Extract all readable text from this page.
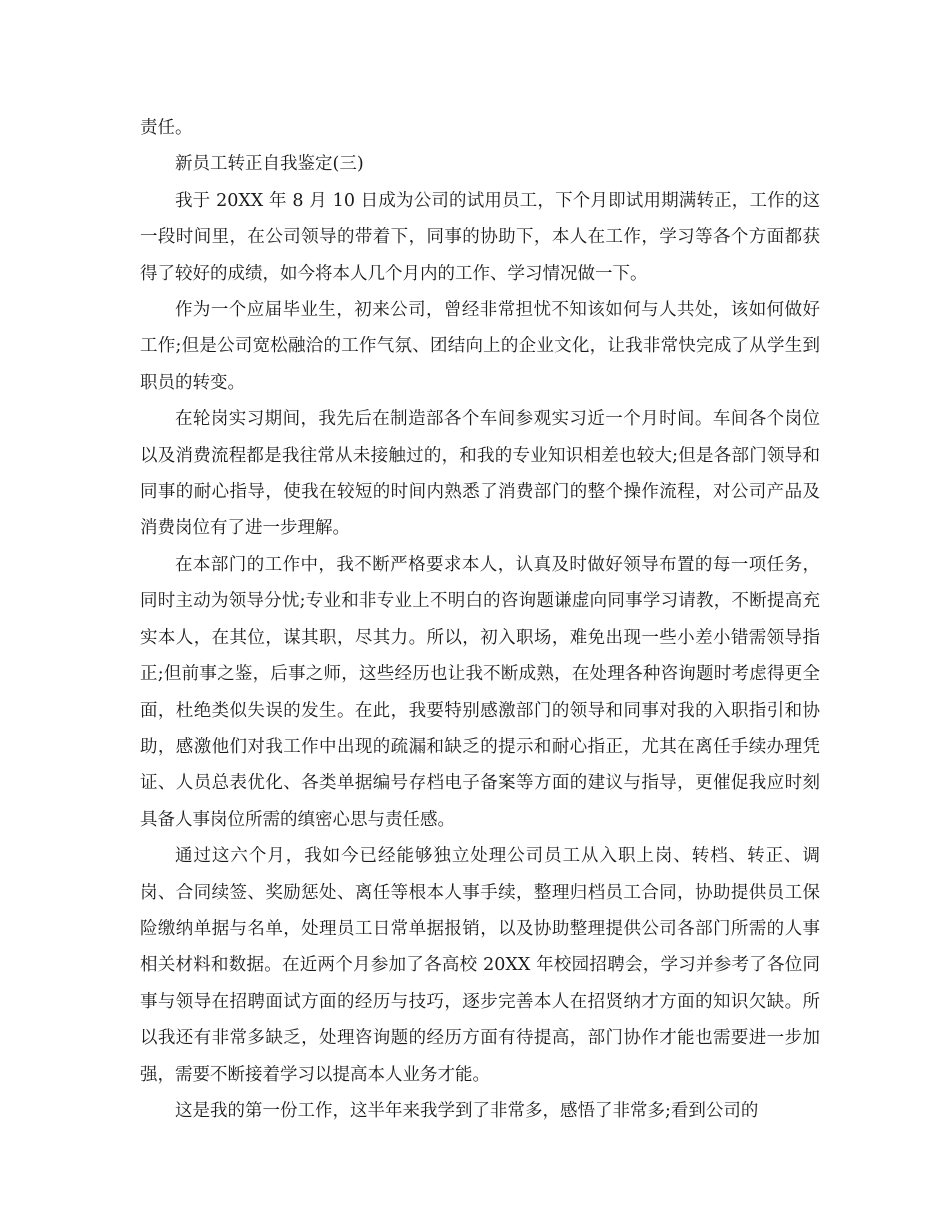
责任。

新员工转正自我鉴定(三)

我于 20XX 年 8 月 10 日成为公司的试用员工，下个月即试用期满转正，工作的这一段时间里，在公司领导的带着下，同事的协助下，本人在工作，学习等各个方面都获得了较好的成绩，如今将本人几个月内的工作、学习情况做一下。

作为一个应届毕业生，初来公司，曾经非常担忧不知该如何与人共处，该如何做好工作;但是公司宽松融洽的工作气氛、团结向上的企业文化，让我非常快完成了从学生到职员的转变。

在轮岗实习期间，我先后在制造部各个车间参观实习近一个月时间。车间各个岗位以及消费流程都是我往常从未接触过的，和我的专业知识相差也较大;但是各部门领导和同事的耐心指导，使我在较短的时间内熟悉了消费部门的整个操作流程，对公司产品及消费岗位有了进一步理解。

在本部门的工作中，我不断严格要求本人，认真及时做好领导布置的每一项任务，同时主动为领导分忧;专业和非专业上不明白的咨询题谦虚向同事学习请教，不断提高充实本人，在其位，谋其职，尽其力。所以，初入职场，难免出现一些小差小错需领导指正;但前事之鉴，后事之师，这些经历也让我不断成熟，在处理各种咨询题时考虑得更全面，杜绝类似失误的发生。在此，我要特别感激部门的领导和同事对我的入职指引和协助，感激他们对我工作中出现的疏漏和缺乏的提示和耐心指正，尤其在离任手续办理凭证、人员总表优化、各类单据编号存档电子备案等方面的建议与指导，更催促我应时刻具备人事岗位所需的缜密心思与责任感。

通过这六个月，我如今已经能够独立处理公司员工从入职上岗、转档、转正、调岗、合同续签、奖励惩处、离任等根本人事手续，整理归档员工合同，协助提供员工保险缴纳单据与名单，处理员工日常单据报销，以及协助整理提供公司各部门所需的人事相关材料和数据。在近两个月参加了各高校 20XX 年校园招聘会，学习并参考了各位同事与领导在招聘面试方面的经历与技巧，逐步完善本人在招贤纳才方面的知识欠缺。所以我还有非常多缺乏，处理咨询题的经历方面有待提高，部门协作才能也需要进一步加强，需要不断接着学习以提高本人业务才能。

这是我的第一份工作，这半年来我学到了非常多，感悟了非常多;看到公司的
